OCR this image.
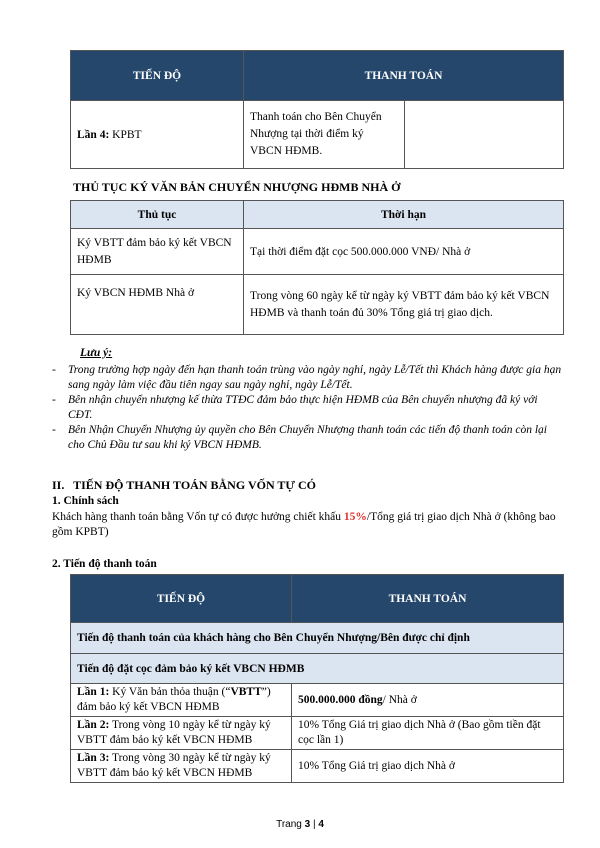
TIẾN ĐỘ	THANH TOÁN	
Lần 4: KPBT	Thanh toán cho Bên Chuyển Nhượng tại thời điểm ký VBCN HĐMB.	

THỦ TỤC KÝ VĂN BẢN CHUYỂN NHƯỢNG HĐMB NHÀ Ở

Thủ tục	Thời hạn
Ký VBTT đảm bảo ký kết VBCN HĐMB	Tại thời điểm đặt cọc 500.000.000 VNĐ/ Nhà ở
Ký VBCN HĐMB Nhà ở	Trong vòng 60 ngày kể từ ngày ký VBTT đảm bảo ký kết VBCN HĐMB và thanh toán đủ 30% Tổng giá trị giao dịch.

Lưu ý:

- Trong trường hợp ngày đến hạn thanh toán trùng vào ngày nghỉ, ngày Lễ/Tết thì Khách hàng được gia hạn sang ngày làm việc đầu tiên ngay sau ngày nghỉ, ngày Lễ/Tết.
- Bên nhận chuyển nhượng kế thừa TTĐC đảm bảo thực hiện HĐMB của Bên chuyển nhượng đã ký với CĐT.
- Bên Nhận Chuyển Nhượng ủy quyền cho Bên Chuyển Nhượng thanh toán các tiến độ thanh toán còn lại cho Chủ Đầu tư sau khi ký VBCN HĐMB.

II.   TIẾN ĐỘ THANH TOÁN BẰNG VỐN TỰ CÓ

1. Chính sách

Khách hàng thanh toán bằng Vốn tự có được hưởng chiết khấu 15%/Tổng giá trị giao dịch Nhà ở (không bao gồm KPBT)

2. Tiến độ thanh toán

TIẾN ĐỘ	THANH TOÁN
Tiến độ thanh toán của khách hàng cho Bên Chuyển Nhượng/Bên được chỉ định	
Tiến độ đặt cọc đảm bảo ký kết VBCN HĐMB	
Lần 1: Ký Văn bản thỏa thuận (“VBTT”) đảm bảo ký kết VBCN HĐMB	500.000.000 đồng/ Nhà ở
Lần 2: Trong vòng 10 ngày kể từ ngày ký VBTT đảm bảo ký kết VBCN HĐMB	10% Tổng Giá trị giao dịch Nhà ở (Bao gồm tiền đặt cọc lần 1)
Lần 3: Trong vòng 30 ngày kể từ ngày ký VBTT đảm bảo ký kết VBCN HĐMB	10% Tổng Giá trị giao dịch Nhà ở
Trang 3 | 4
